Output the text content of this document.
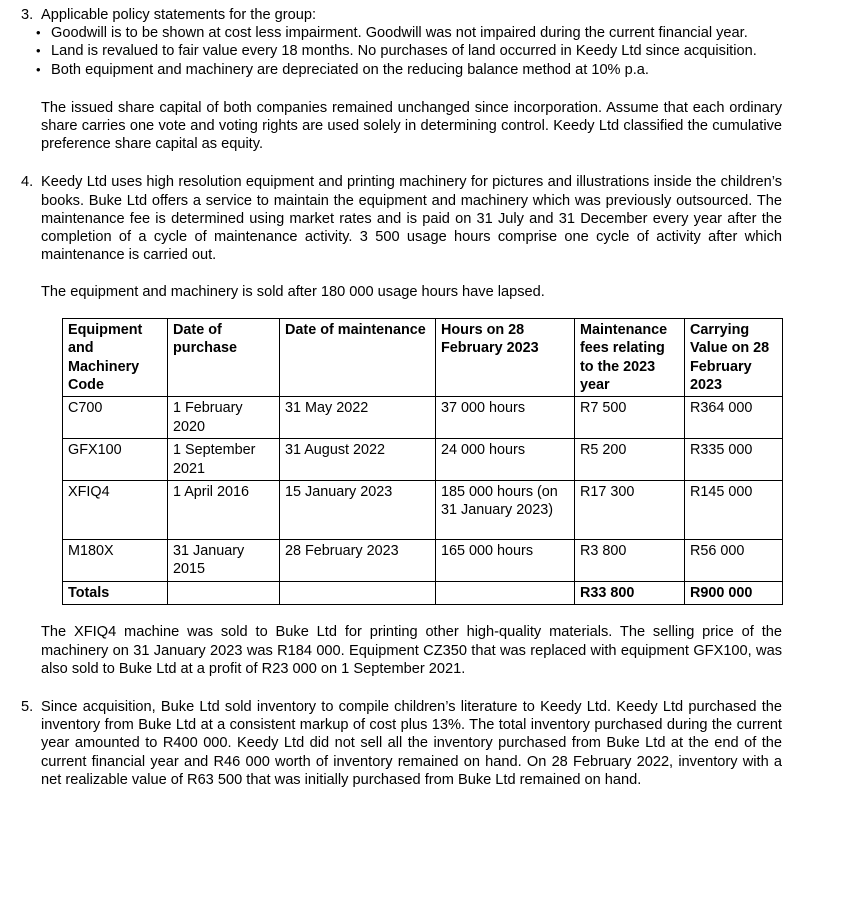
3. Applicable policy statements for the group:

• Goodwill is to be shown at cost less impairment. Goodwill was not impaired during the current financial year.
• Land is revalued to fair value every 18 months. No purchases of land occurred in Keedy Ltd since acquisition.
• Both equipment and machinery are depreciated on the reducing balance method at 10% p.a.

The issued share capital of both companies remained unchanged since incorporation. Assume that each ordinary share carries one vote and voting rights are used solely in determining control. Keedy Ltd classified the cumulative preference share capital as equity.

4. Keedy Ltd uses high resolution equipment and printing machinery for pictures and illustrations inside the children’s books. Buke Ltd offers a service to maintain the equipment and machinery which was previously outsourced. The maintenance fee is determined using market rates and is paid on 31 July and 31 December every year after the completion of a cycle of maintenance activity. 3 500 usage hours comprise one cycle of activity after which maintenance is carried out.

The equipment and machinery is sold after 180 000 usage hours have lapsed.

Equipment and Machinery Code	Date of purchase	Date of maintenance	Hours on 28 February 2023	Maintenance fees relating to the 2023 year	Carrying Value on 28 February 2023
C700	1 February 2020	31 May 2022	37 000 hours	R7 500	R364 000
GFX100	1 September 2021	31 August 2022	24 000 hours	R5 200	R335 000
XFIQ4	1 April 2016	15 January 2023	185 000 hours (on 31 January 2023)	R17 300	R145 000
M180X	31 January 2015	28 February 2023	165 000 hours	R3 800	R56 000
Totals				R33 800	R900 000

The XFIQ4 machine was sold to Buke Ltd for printing other high-quality materials. The selling price of the machinery on 31 January 2023 was R184 000. Equipment CZ350 that was replaced with equipment GFX100, was also sold to Buke Ltd at a profit of R23 000 on 1 September 2021.

5. Since acquisition, Buke Ltd sold inventory to compile children’s literature to Keedy Ltd. Keedy Ltd purchased the inventory from Buke Ltd at a consistent markup of cost plus 13%. The total inventory purchased during the current year amounted to R400 000. Keedy Ltd did not sell all the inventory purchased from Buke Ltd at the end of the current financial year and R46 000 worth of inventory remained on hand. On 28 February 2022, inventory with a net realizable value of R63 500 that was initially purchased from Buke Ltd remained on hand.
